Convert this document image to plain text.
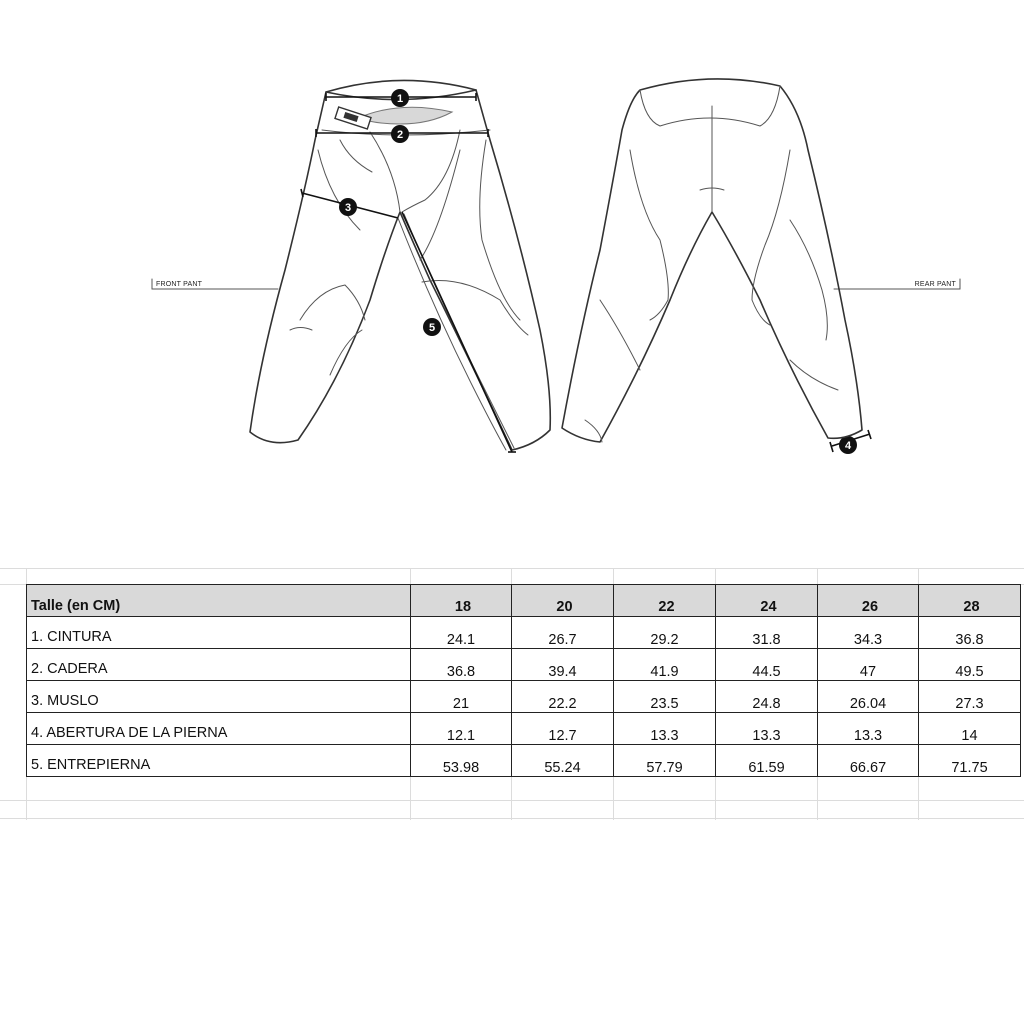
1
2
3
4
5
FRONT PANT	REAR PANT
Talle (en CM)	18	20	22	24	26	28
1. CINTURA	24.1	26.7	29.2	31.8	34.3	36.8
2. CADERA	36.8	39.4	41.9	44.5	47	49.5
3. MUSLO	21	22.2	23.5	24.8	26.04	27.3
4. ABERTURA DE LA PIERNA	12.1	12.7	13.3	13.3	13.3	14
5. ENTREPIERNA	53.98	55.24	57.79	61.59	66.67	71.75
